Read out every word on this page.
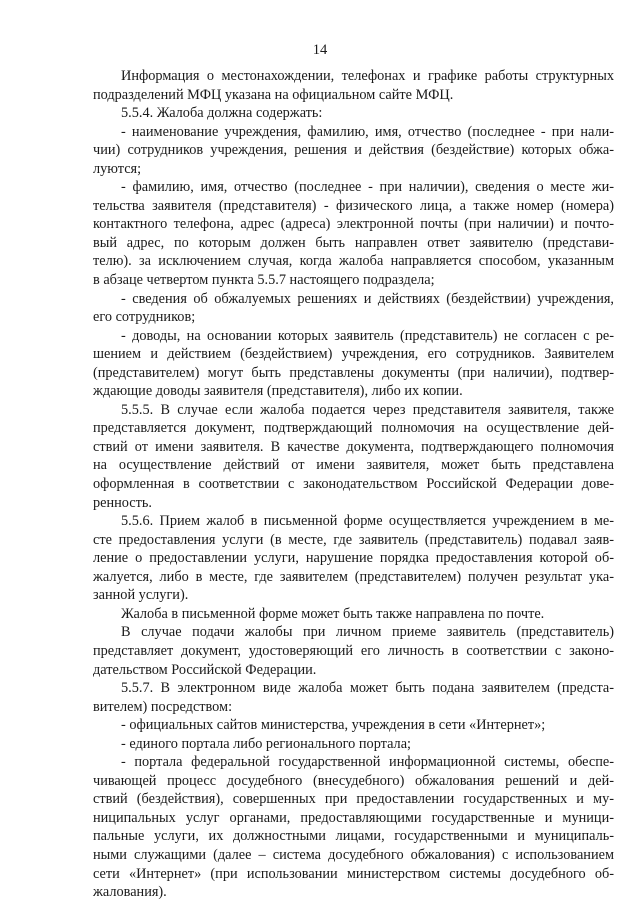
14
Информация о местонахождении, телефонах и графике работы структурных
подразделений МФЦ указана на официальном сайте МФЦ.
5.5.4. Жалоба должна содержать:
- наименование учреждения, фамилию, имя, отчество (последнее - при нали-
чии) сотрудников учреждения, решения и действия (бездействие) которых обжа-
луются;
- фамилию, имя, отчество (последнее - при наличии), сведения о месте жи-
тельства заявителя (представителя) - физического лица, а также номер (номера)
контактного телефона, адрес (адреса) электронной почты (при наличии) и почто-
вый адрес, по которым должен быть направлен ответ заявителю (представи-
телю). за исключением случая, когда жалоба направляется способом, указанным
в абзаце четвертом пункта 5.5.7 настоящего подраздела;
- сведения об обжалуемых решениях и действиях (бездействии) учреждения,
его сотрудников;
- доводы, на основании которых заявитель (представитель) не согласен с ре-
шением и действием (бездействием) учреждения, его сотрудников. Заявителем
(представителем) могут быть представлены документы (при наличии), подтвер-
ждающие доводы заявителя (представителя), либо их копии.
5.5.5. В случае если жалоба подается через представителя заявителя, также
представляется документ, подтверждающий полномочия на осуществление дей-
ствий от имени заявителя. В качестве документа, подтверждающего полномочия
на осуществление действий от имени заявителя, может быть представлена
оформленная в соответствии с законодательством Российской Федерации дове-
ренность.
5.5.6. Прием жалоб в письменной форме осуществляется учреждением в ме-
сте предоставления услуги (в месте, где заявитель (представитель) подавал заяв-
ление о предоставлении услуги, нарушение порядка предоставления которой об-
жалуется, либо в месте, где заявителем (представителем) получен результат ука-
занной услуги).
Жалоба в письменной форме может быть также направлена по почте.
В случае подачи жалобы при личном приеме заявитель (представитель)
представляет документ, удостоверяющий его личность в соответствии с законо-
дательством Российской Федерации.
5.5.7. В электронном виде жалоба может быть подана заявителем (предста-
вителем) посредством:
- официальных сайтов министерства, учреждения в сети «Интернет»;
- единого портала либо регионального портала;
- портала федеральной государственной информационной системы, обеспе-
чивающей процесс досудебного (внесудебного) обжалования решений и дей-
ствий (бездействия), совершенных при предоставлении государственных и му-
ниципальных услуг органами, предоставляющими государственные и муници-
пальные услуги, их должностными лицами, государственными и муниципаль-
ными служащими (далее – система досудебного обжалования) с использованием
сети «Интернет» (при использовании министерством системы досудебного об-
жалования).
